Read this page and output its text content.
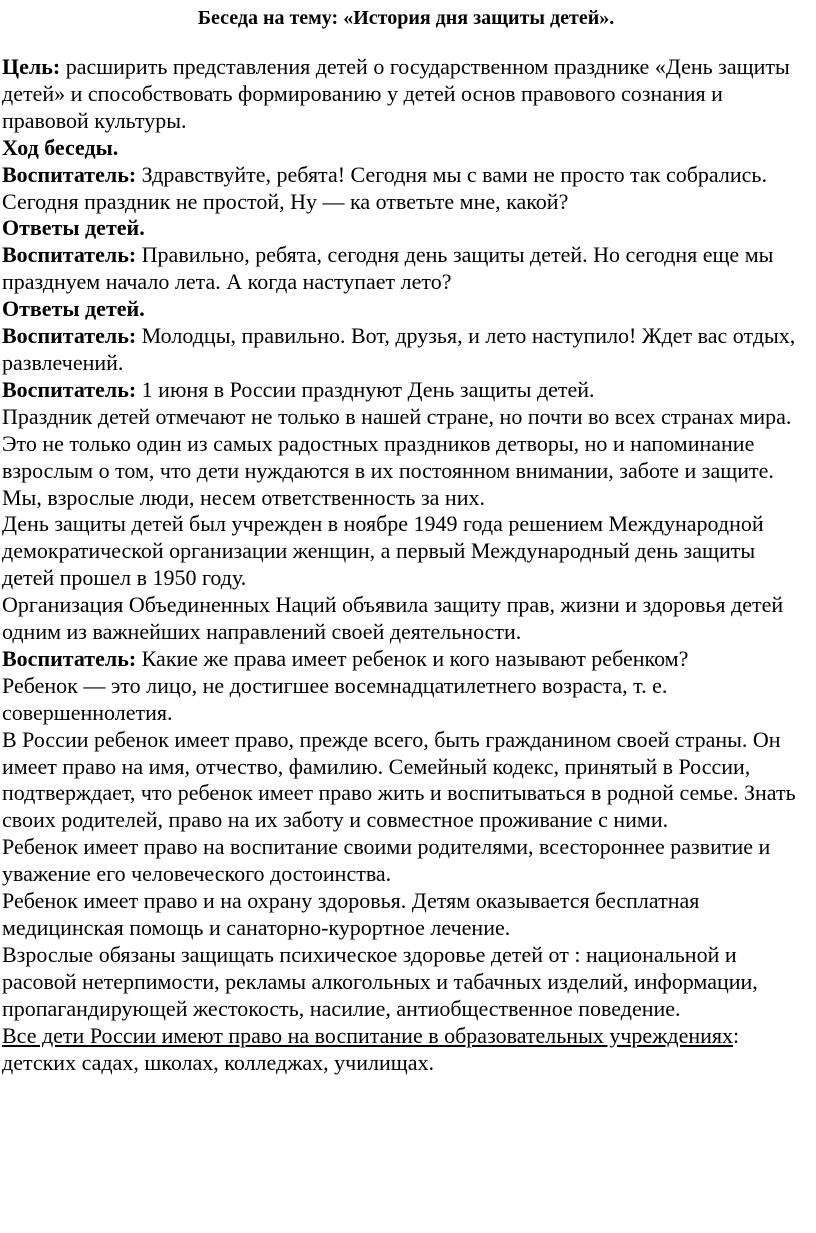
Беседа на тему: «История дня защиты детей».

Цель: расширить представления детей о государственном празднике «День защиты детей» и способствовать формированию у детей основ правового сознания и правовой культуры.

Ход беседы.

Воспитатель: Здравствуйте, ребята! Сегодня мы с вами не просто так собрались. Сегодня праздник не простой, Ну — ка ответьте мне, какой?

Ответы детей.

Воспитатель: Правильно, ребята, сегодня день защиты детей. Но сегодня еще мы празднуем начало лета. А когда наступает лето?

Ответы детей.

Воспитатель: Молодцы, правильно. Вот, друзья, и лето наступило! Ждет вас отдых, развлечений.

Воспитатель: 1 июня в России празднуют День защиты детей.

Праздник детей отмечают не только в нашей стране, но почти во всех странах мира.

Это не только один из самых радостных праздников детворы, но и напоминание взрослым о том, что дети нуждаются в их постоянном внимании, заботе и защите. Мы, взрослые люди, несем ответственность за них.

День защиты детей был учрежден в ноябре 1949 года решением Международной демократической организации женщин, а первый Международный день защиты детей прошел в 1950 году.

Организация Объединенных Наций объявила защиту прав, жизни и здоровья детей одним из важнейших направлений своей деятельности.

Воспитатель: Какие же права имеет ребенок и кого называют ребенком?

Ребенок — это лицо, не достигшее восемнадцатилетнего возраста, т. е. совершеннолетия.

В России ребенок имеет право, прежде всего, быть гражданином своей страны. Он имеет право на имя, отчество, фамилию. Семейный кодекс, принятый в России, подтверждает, что ребенок имеет право жить и воспитываться в родной семье. Знать своих родителей, право на их заботу и совместное проживание с ними.

Ребенок имеет право на воспитание своими родителями, всестороннее развитие и уважение его человеческого достоинства.

Ребенок имеет право и на охрану здоровья. Детям оказывается бесплатная медицинская помощь и санаторно-курортное лечение.

Взрослые обязаны защищать психическое здоровье детей от : национальной и расовой нетерпимости, рекламы алкогольных и табачных изделий, информации, пропагандирующей жестокость, насилие, антиобщественное поведение.

Все дети России имеют право на воспитание в образовательных учреждениях: детских садах, школах, колледжах, училищах.
